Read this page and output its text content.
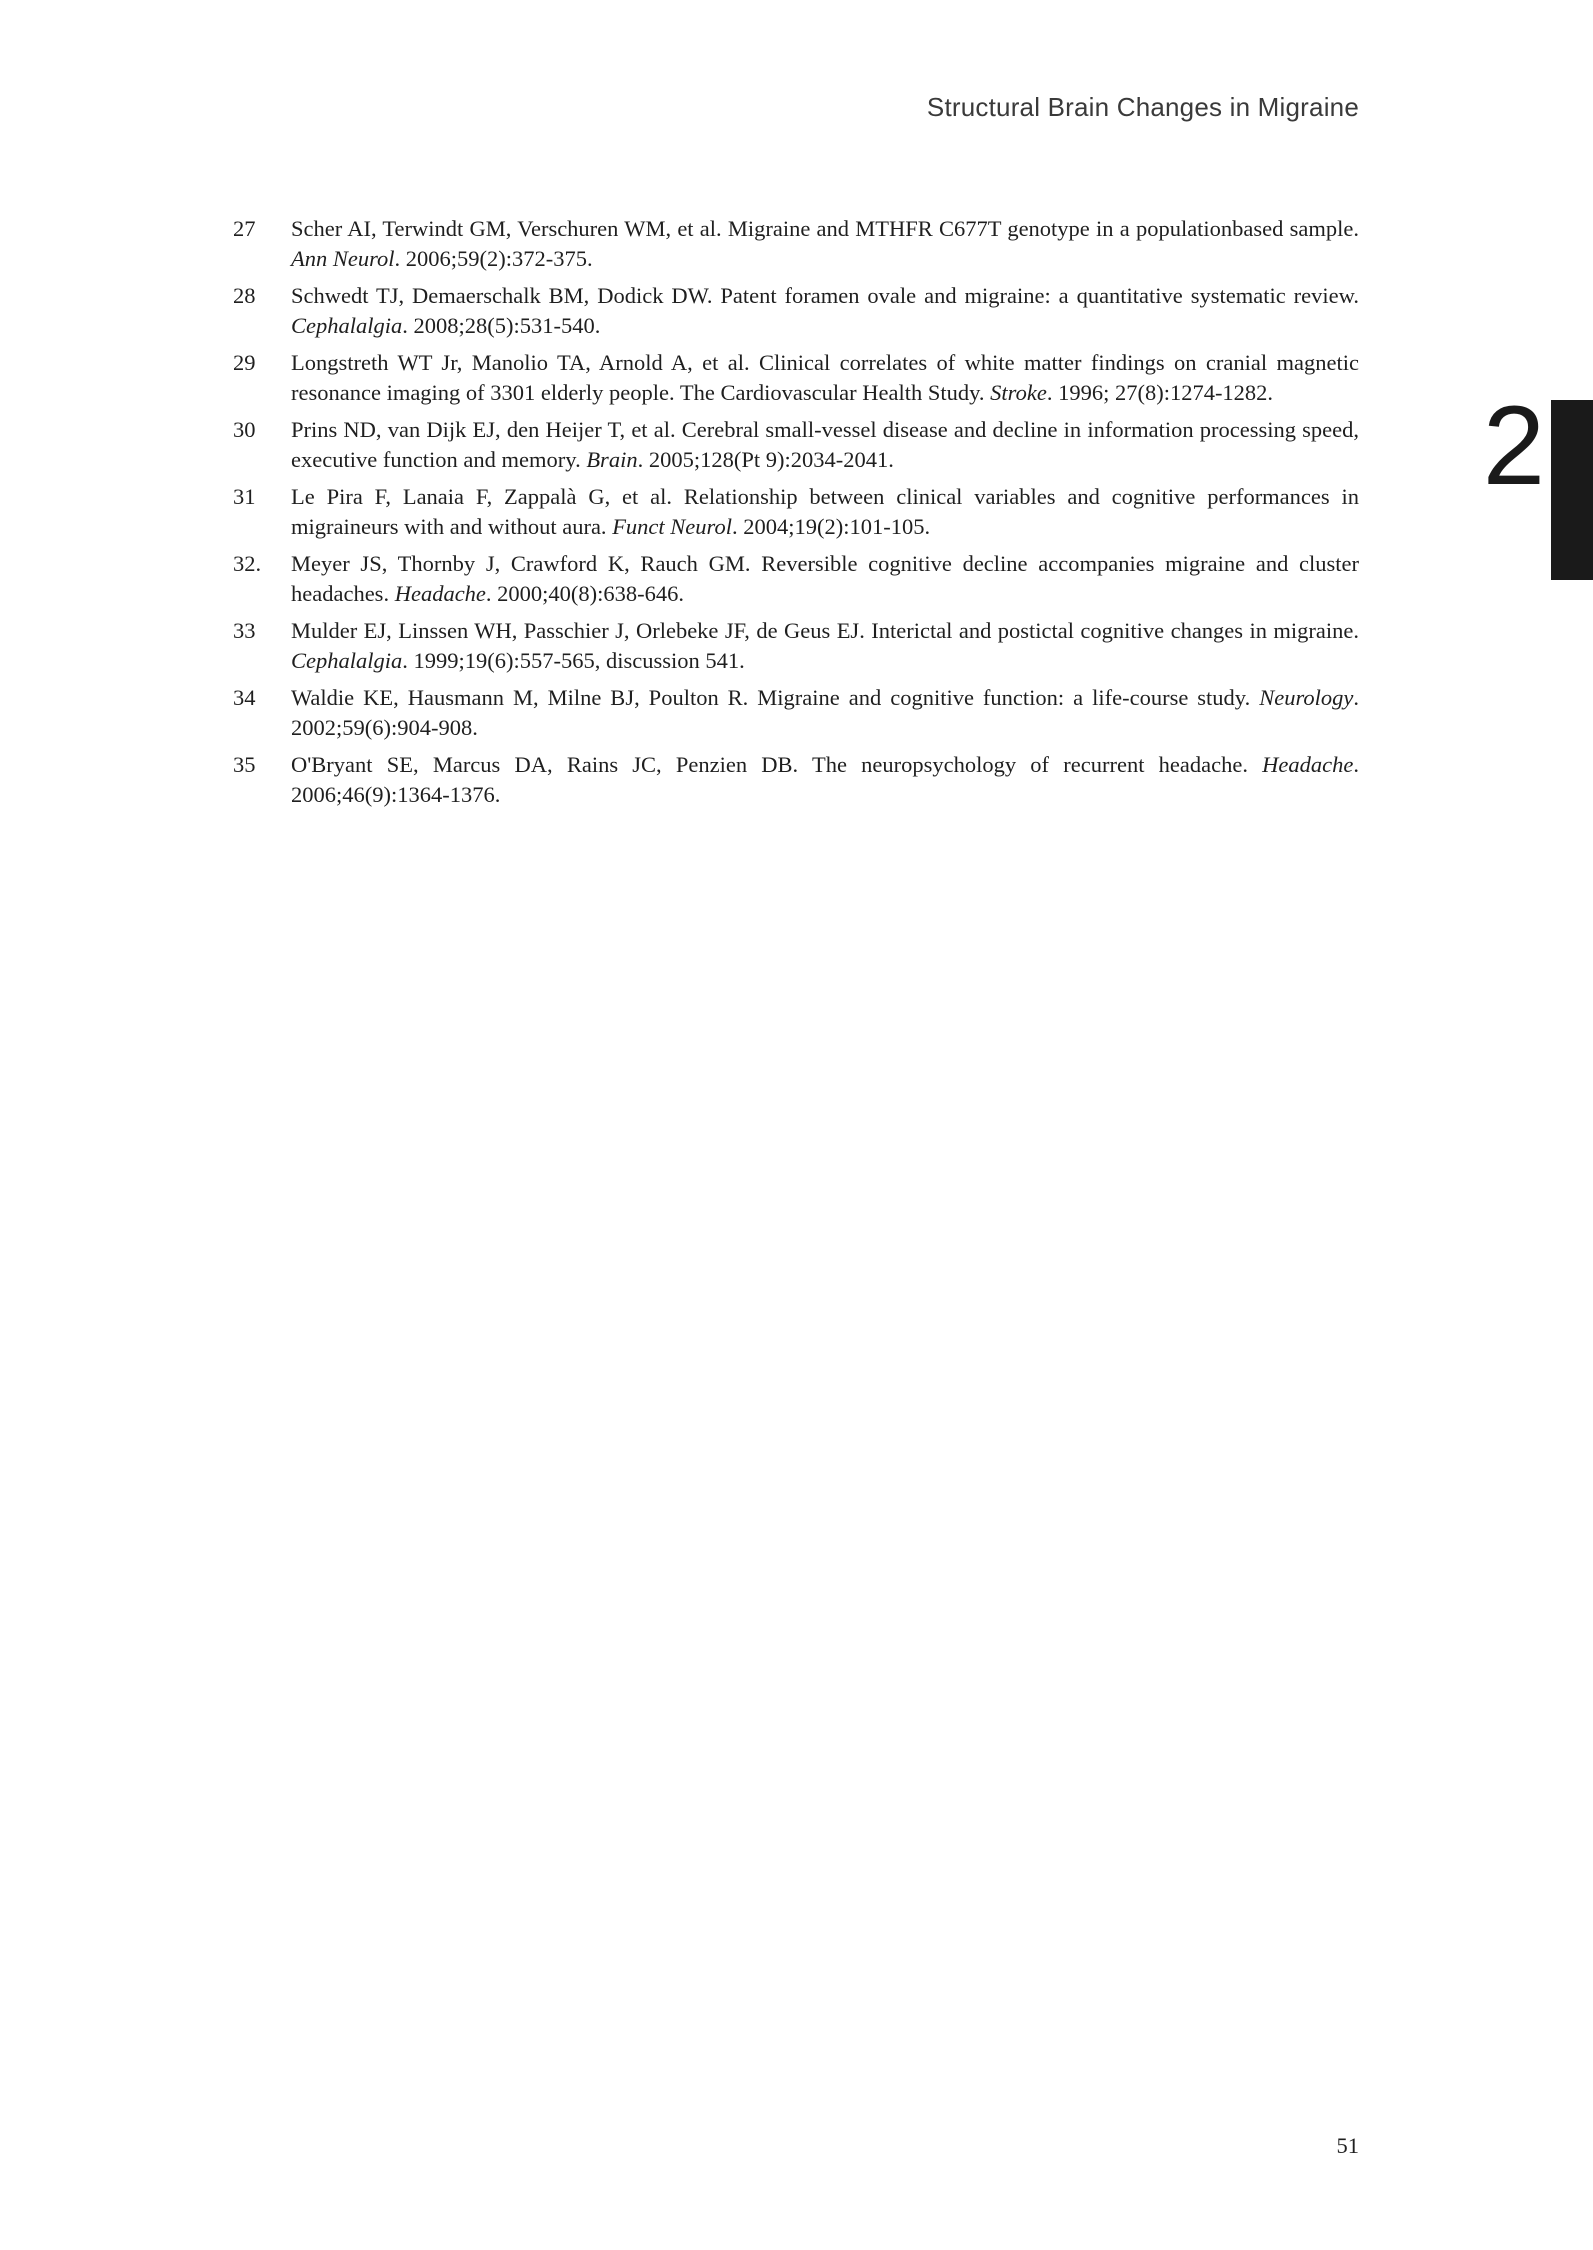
Structural Brain Changes in Migraine
2
27	Scher AI, Terwindt GM, Verschuren WM, et al. Migraine and MTHFR C677T genotype in a populationbased sample. Ann Neurol. 2006;59(2):372-375.
28	Schwedt TJ, Demaerschalk BM, Dodick DW. Patent foramen ovale and migraine: a quantitative systematic review. Cephalalgia. 2008;28(5):531-540.
29	Longstreth WT Jr, Manolio TA, Arnold A, et al. Clinical correlates of white matter findings on cranial magnetic resonance imaging of 3301 elderly people. The Cardiovascular Health Study. Stroke. 1996; 27(8):1274-1282.
30	Prins ND, van Dijk EJ, den Heijer T, et al. Cerebral small-vessel disease and decline in information processing speed, executive function and memory. Brain. 2005;128(Pt 9):2034-2041.
31	Le Pira F, Lanaia F, Zappalà G, et al. Relationship between clinical variables and cognitive performances in migraineurs with and without aura. Funct Neurol. 2004;19(2):101-105.
32.	Meyer JS, Thornby J, Crawford K, Rauch GM. Reversible cognitive decline accompanies migraine and cluster headaches. Headache. 2000;40(8):638-646.
33	Mulder EJ, Linssen WH, Passchier J, Orlebeke JF, de Geus EJ. Interictal and postictal cognitive changes in migraine. Cephalalgia. 1999;19(6):557-565, discussion 541.
34	Waldie KE, Hausmann M, Milne BJ, Poulton R. Migraine and cognitive function: a life-course study. Neurology. 2002;59(6):904-908.
35	O'Bryant SE, Marcus DA, Rains JC, Penzien DB. The neuropsychology of recurrent headache. Headache. 2006;46(9):1364-1376.
51
